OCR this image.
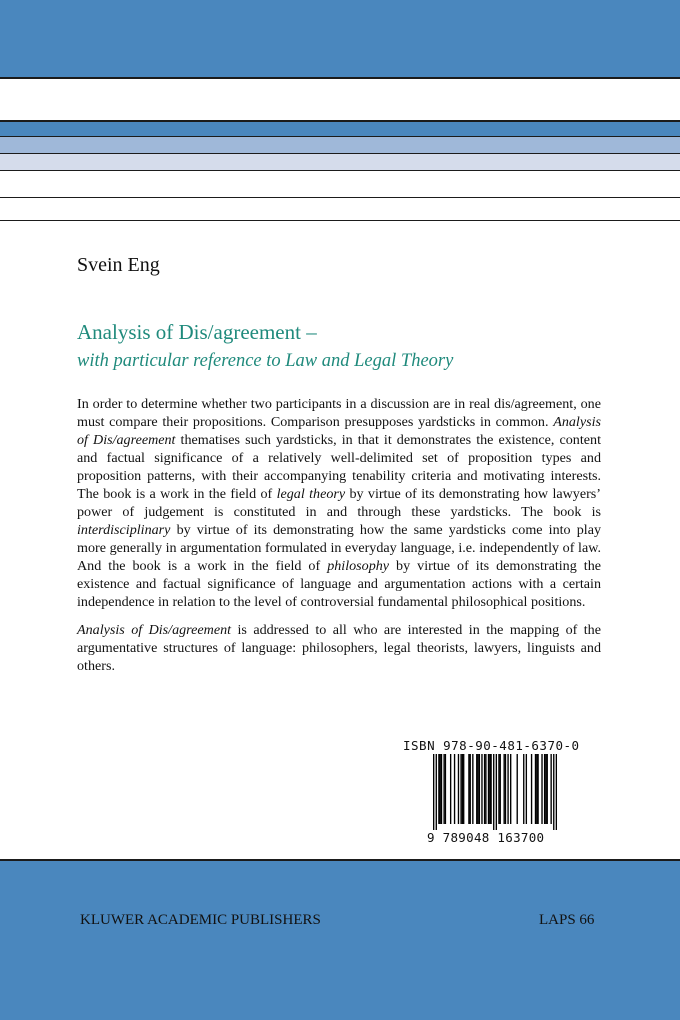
Svein Eng
Analysis of Dis/agreement –
with particular reference to Law and Legal Theory
In order to determine whether two participants in a discussion are in real dis/agreement, one must compare their propositions. Comparison presupposes yardsticks in common. Analysis of Dis/agreement thematises such yardsticks, in that it demonstrates the existence, content and factual significance of a relatively well-delimited set of proposition types and proposition patterns, with their accompanying tenability criteria and motivating interests. The book is a work in the field of legal theory by virtue of its demonstrating how lawyers’ power of judgement is constituted in and through these yardsticks. The book is interdisciplinary by virtue of its demonstrating how the same yardsticks come into play more generally in argumentation formulated in everyday language, i.e. independently of law. And the book is a work in the field of philosophy by virtue of its demonstrating the existence and factual significance of language and argumentation actions with a certain independence in relation to the level of controversial fundamental philosophical positions.
Analysis of Dis/agreement is addressed to all who are interested in the mapping of the argumentative structures of language: philosophers, legal theorists, lawyers, linguists and others.
ISBN 978-90-481-6370-0
9 789048 163700
KLUWER ACADEMIC PUBLISHERS	LAPS 66
